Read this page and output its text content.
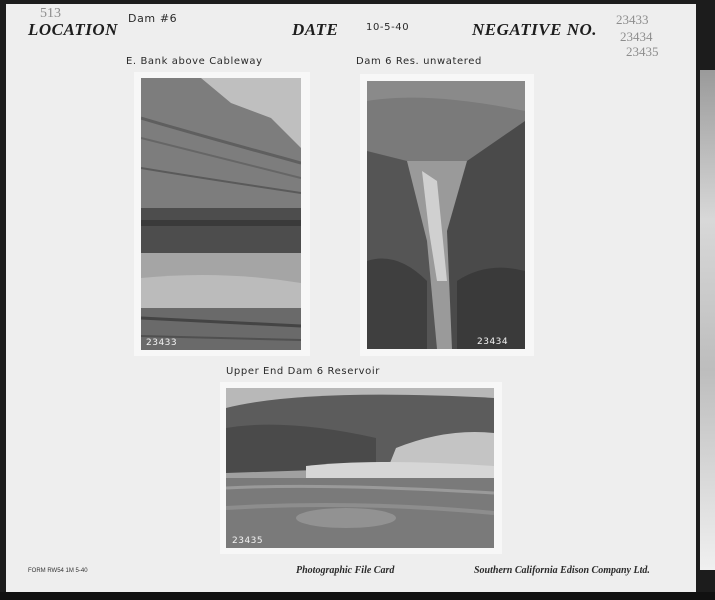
513
LOCATION
Dam #6
DATE	10-5-40	NEGATIVE NO.
23433
23434
23435
E. Bank above Cableway
23433
Dam 6 Res. unwatered
23434
Upper End Dam 6 Reservoir
23435
FORM RW54 1M 5-40	Photographic File Card	Southern California Edison Company Ltd.
